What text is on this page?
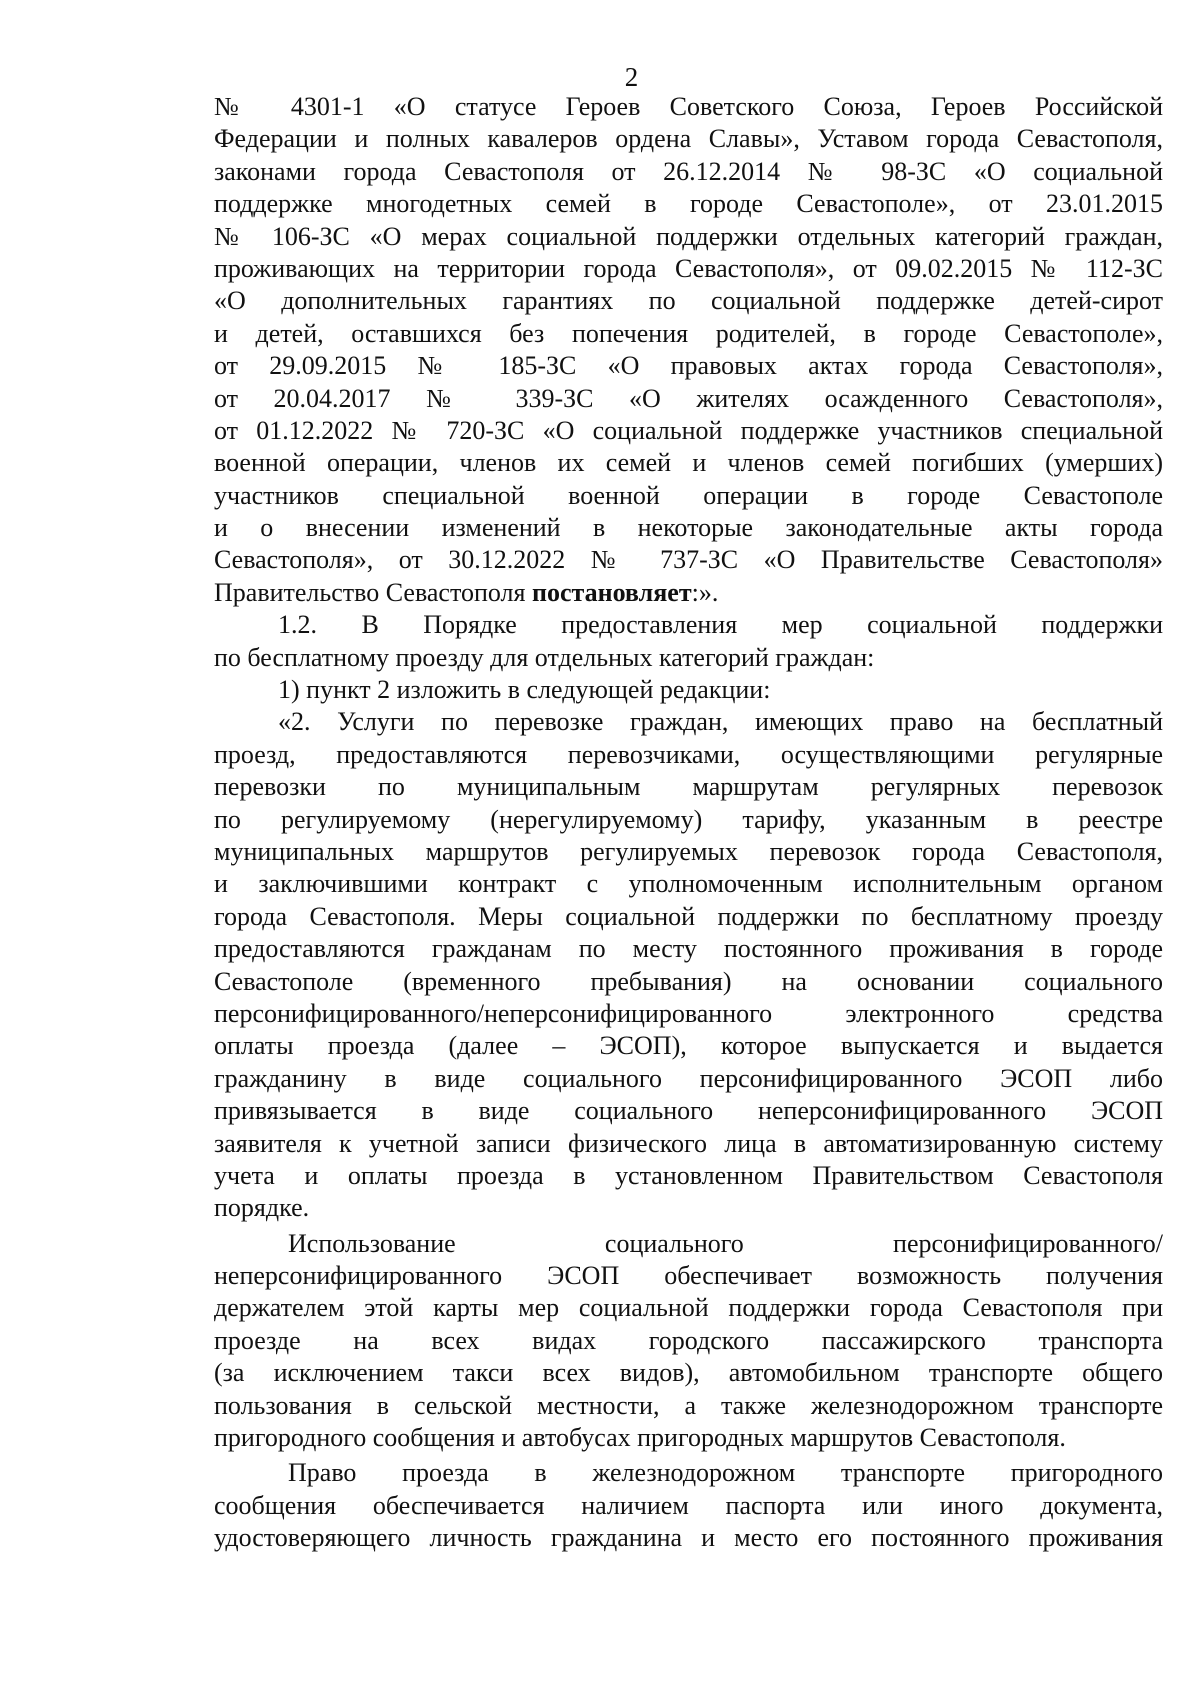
2
№ 4301-1 «О статусе Героев Советского Союза, Героев Российской
Федерации и полных кавалеров ордена Славы», Уставом города Севастополя,
законами города Севастополя от 26.12.2014 № 98-ЗС «О социальной
поддержке многодетных семей в городе Севастополе», от 23.01.2015
№ 106-ЗС «О мерах социальной поддержки отдельных категорий граждан,
проживающих на территории города Севастополя», от 09.02.2015 № 112-ЗС
«О дополнительных гарантиях по социальной поддержке детей-сирот
и детей, оставшихся без попечения родителей, в городе Севастополе»,
от 29.09.2015 № 185-ЗС «О правовых актах города Севастополя»,
от 20.04.2017 № 339-ЗС «О жителях осажденного Севастополя»,
от 01.12.2022 № 720-ЗС «О социальной поддержке участников специальной
военной операции, членов их семей и членов семей погибших (умерших)
участников специальной военной операции в городе Севастополе
и о внесении изменений в некоторые законодательные акты города
Севастополя», от 30.12.2022 № 737-ЗС «О Правительстве Севастополя»
Правительство Севастополя постановляет:».
1.2. В Порядке предоставления мер социальной поддержки
по бесплатному проезду для отдельных категорий граждан:
1) пункт 2 изложить в следующей редакции:
«2. Услуги по перевозке граждан, имеющих право на бесплатный
проезд, предоставляются перевозчиками, осуществляющими регулярные
перевозки по муниципальным маршрутам регулярных перевозок
по регулируемому (нерегулируемому) тарифу, указанным в реестре
муниципальных маршрутов регулируемых перевозок города Севастополя,
и заключившими контракт с уполномоченным исполнительным органом
города Севастополя. Меры социальной поддержки по бесплатному проезду
предоставляются гражданам по месту постоянного проживания в городе
Севастополе (временного пребывания) на основании социального
персонифицированного/неперсонифицированного электронного средства
оплаты проезда (далее – ЭСОП), которое выпускается и выдается
гражданину в виде социального персонифицированного ЭСОП либо
привязывается в виде социального неперсонифицированного ЭСОП
заявителя к учетной записи физического лица в автоматизированную систему
учета и оплаты проезда в установленном Правительством Севастополя
порядке.
Использование социального персонифицированного/
неперсонифицированного ЭСОП обеспечивает возможность получения
держателем этой карты мер социальной поддержки города Севастополя при
проезде на всех видах городского пассажирского транспорта
(за исключением такси всех видов), автомобильном транспорте общего
пользования в сельской местности, а также железнодорожном транспорте
пригородного сообщения и автобусах пригородных маршрутов Севастополя.
Право проезда в железнодорожном транспорте пригородного
сообщения обеспечивается наличием паспорта или иного документа,
удостоверяющего личность гражданина и место его постоянного проживания
